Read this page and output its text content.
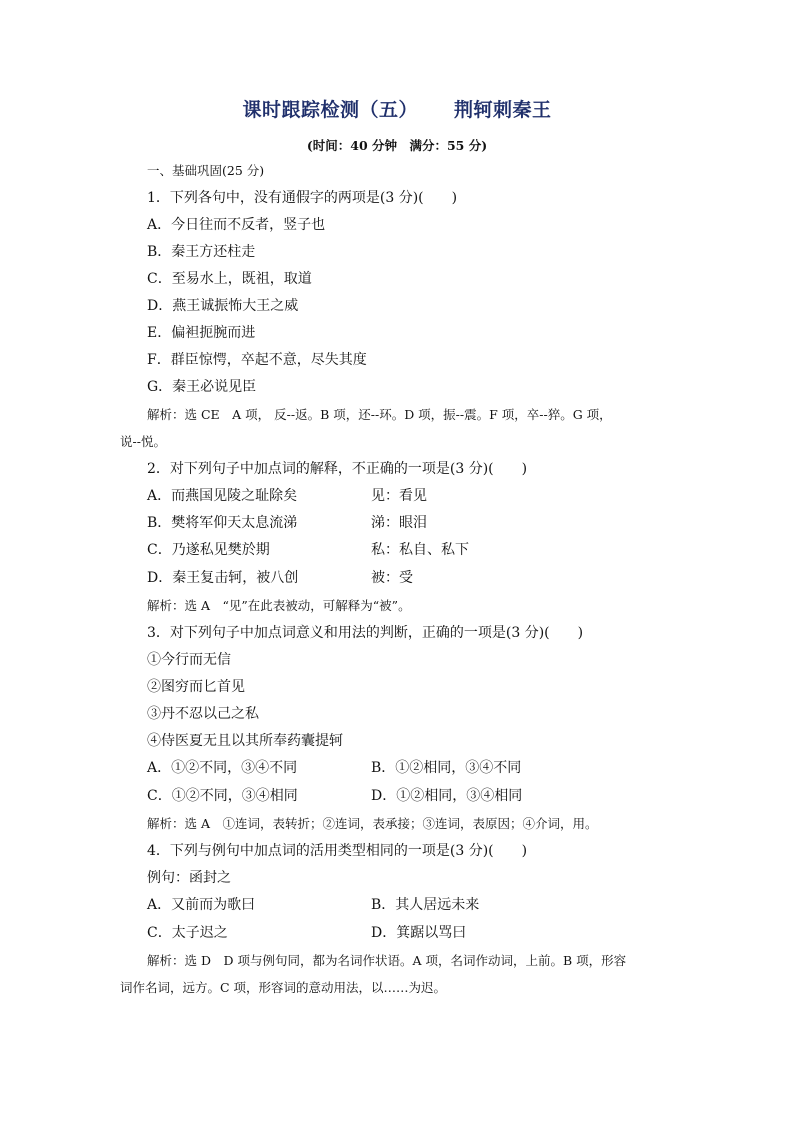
课时跟踪检测（五） 荆轲刺秦王
(时间：40 分钟　满分：55 分)
一、基础巩固(25 分)
1．下列各句中，没有通假字的两项是(3 分)(　　)
A．今日往而不反者，竖子也
B．秦王方还柱走
C．至易水上，既祖，取道
D．燕王诚振怖大王之威
E．偏袒扼腕而进
F．群臣惊愕，卒起不意，尽失其度
G．秦王必说见臣
解析：选 CE　A 项， 反--返。B 项，还--环。D 项，振--震。F 项，卒--猝。G 项，
说--悦。
2．对下列句子中加点词的解释，不正确的一项是(3 分)(　　)
A．而燕国见陵之耻除矣	见：看见
B．樊将军仰天太息流涕	涕：眼泪
C．乃遂私见樊於期	私：私自、私下
D．秦王复击轲，被八创	被：受
解析：选 A　“见”在此表被动，可解释为“被”。
3．对下列句子中加点词意义和用法的判断，正确的一项是(3 分)(　　)
①今行而无信
②图穷而匕首见
③丹不忍以己之私
④侍医夏无且以其所奉药囊提轲
A．①②不同，③④不同	B．①②相同，③④不同
C．①②不同，③④相同	D．①②相同，③④相同
解析：选 A　①连词，表转折；②连词，表承接；③连词，表原因；④介词，用。
4．下列与例句中加点词的活用类型相同的一项是(3 分)(　　)
例句：函封之
A．又前而为歌曰	B．其人居远未来
C．太子迟之	D．箕踞以骂曰
解析：选 D　D 项与例句同，都为名词作状语。A 项，名词作动词，上前。B 项，形容
词作名词，远方。C 项，形容词的意动用法，以……为迟。
